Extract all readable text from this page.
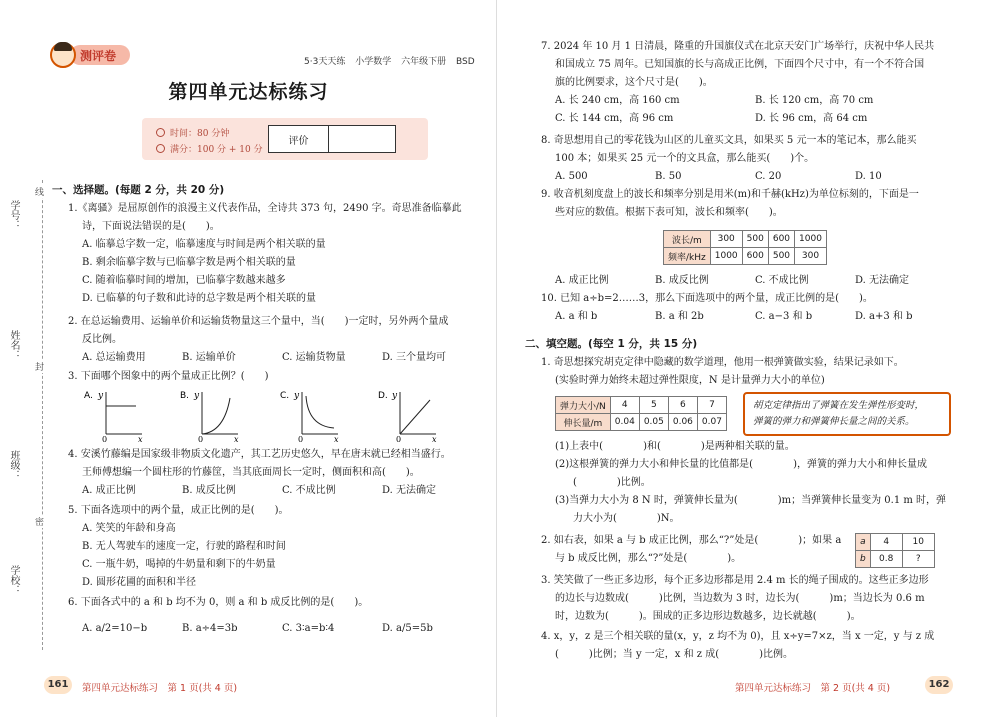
学号：
姓名：
班级：
学校：
线
封
密
测评卷	5·3天天练 小学数学 六年级下册 BSD
第四单元达标练习
时间：80 分钟
满分：100 分 + 10 分
评价
一、选择题。(每题 2 分，共 20 分)
1.《离骚》是屈原创作的浪漫主义代表作品，全诗共 373 句，2490 字。奇思准备临摹此
诗，下面说法错误的是(　　)。
A. 临摹总字数一定，临摹速度与时间是两个相关联的量
B. 剩余临摹字数与已临摹字数是两个相关联的量
C. 随着临摹时间的增加，已临摹字数越来越多
D. 已临摹的句子数和此诗的总字数是两个相关联的量
2. 在总运输费用、运输单价和运输货物量这三个量中，当(　　)一定时，另外两个量成
反比例。
A. 总运输费用	B. 运输单价	C. 运输货物量	D. 三个量均可
3. 下面哪个图象中的两个量成正比例？(　　)
A. y
0	x
B. y
0	x
C. y
0	x
D. y
0	x
4. 安溪竹藤编是国家级非物质文化遗产，其工艺历史悠久，早在唐末就已经相当盛行。
王师傅想编一个圆柱形的竹藤筐，当其底面周长一定时，侧面积和高(　　)。
A. 成正比例	B. 成反比例	C. 不成比例	D. 无法确定
5. 下面各选项中的两个量，成正比例的是(　　)。
A. 笑笑的年龄和身高
B. 无人驾驶车的速度一定，行驶的路程和时间
C. 一瓶牛奶，喝掉的牛奶量和剩下的牛奶量
D. 圆形花圃的面积和半径
6. 下面各式中的 a 和 b 均不为 0，则 a 和 b 成反比例的是(　　)。
A. a/2=10−b	B. a÷4=3b	C. 3∶a=b∶4	D. a/5=5b
161	第四单元达标练习　第 1 页(共 4 页)
7. 2024 年 10 月 1 日清晨，隆重的升国旗仪式在北京天安门广场举行，庆祝中华人民共
和国成立 75 周年。已知国旗的长与高成正比例，下面四个尺寸中，有一个不符合国
旗的比例要求，这个尺寸是(　　)。
A. 长 240 cm，高 160 cm	B. 长 120 cm，高 70 cm
C. 长 144 cm，高 96 cm	D. 长 96 cm，高 64 cm
8. 奇思想用自己的零花钱为山区的儿童买文具，如果买 5 元一本的笔记本，那么能买
100 本；如果买 25 元一个的文具盒，那么能买(　　)个。
A. 500	B. 50	C. 20	D. 10
9. 收音机刻度盘上的波长和频率分别是用米(m)和千赫(kHz)为单位标刻的，下面是一
些对应的数值。根据下表可知，波长和频率(　　)。
波长/m	300	500	600	1000
频率/kHz	1000	600	500	300
A. 成正比例	B. 成反比例	C. 不成比例	D. 无法确定
10. 已知 a÷b=2……3，那么下面选项中的两个量，成正比例的是(　　)。
A. a 和 b	B. a 和 2b	C. a−3 和 b	D. a+3 和 b
二、填空题。(每空 1 分，共 15 分)
1. 奇思想探究胡克定律中隐藏的数学道理，他用一根弹簧做实验，结果记录如下。
(实验时弹力始终未超过弹性限度，N 是计量弹力大小的单位)
弹力大小/N	4	5	6	7
伸长量/m	0.04	0.05	0.06	0.07
胡克定律指出了弹簧在发生弹性形变时，
弹簧的弹力和弹簧伸长量之间的关系。
(1)上表中(　　　　)和(　　　　)是两种相关联的量。
(2)这根弹簧的弹力大小和伸长量的比值都是(　　　　)，弹簧的弹力大小和伸长量成
(　　　　)比例。
(3)当弹力大小为 8 N 时，弹簧伸长量为(　　　　)m；当弹簧伸长量变为 0.1 m 时，弹
力大小为(　　　　)N。
2. 如右表，如果 a 与 b 成正比例，那么“?”处是(　　　　)；如果 a
与 b 成反比例，那么“?”处是(　　　　)。
a	4	10
b	0.8	?
3. 笑笑做了一些正多边形，每个正多边形都是用 2.4 m 长的绳子围成的。这些正多边形
的边长与边数成(　　　)比例，当边数为 3 时，边长为(　　　)m；当边长为 0.6 m
时，边数为(　　　)。围成的正多边形边数越多，边长就越(　　　)。
4. x，y，z 是三个相关联的量(x，y，z 均不为 0)，且 x÷y=7×z，当 x 一定，y 与 z 成
(　　　)比例；当 y 一定，x 和 z 成(　　　　)比例。
第四单元达标练习　第 2 页(共 4 页)	162
